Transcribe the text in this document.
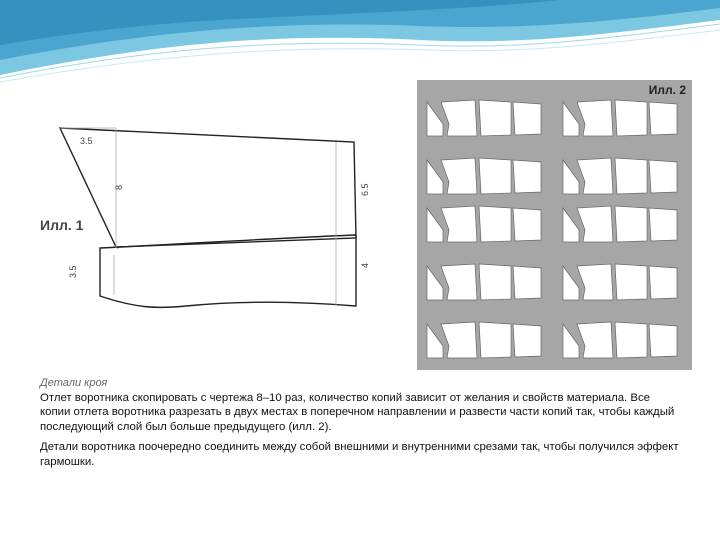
3.5
8	6.5
3.5	4
Илл. 1
Илл. 2
Детали кроя

Отлет воротника скопировать с чертежа 8–10 раз, количество копий зависит от желания и свойств материала. Все копии отлета воротника разрезать в двух местах в поперечном направлении и развести части копий так, чтобы каждый последующий слой был больше предыдущего (илл. 2).

Детали воротника поочередно соединить между собой внешними и внутренними срезами так, чтобы получился эффект гармошки.
